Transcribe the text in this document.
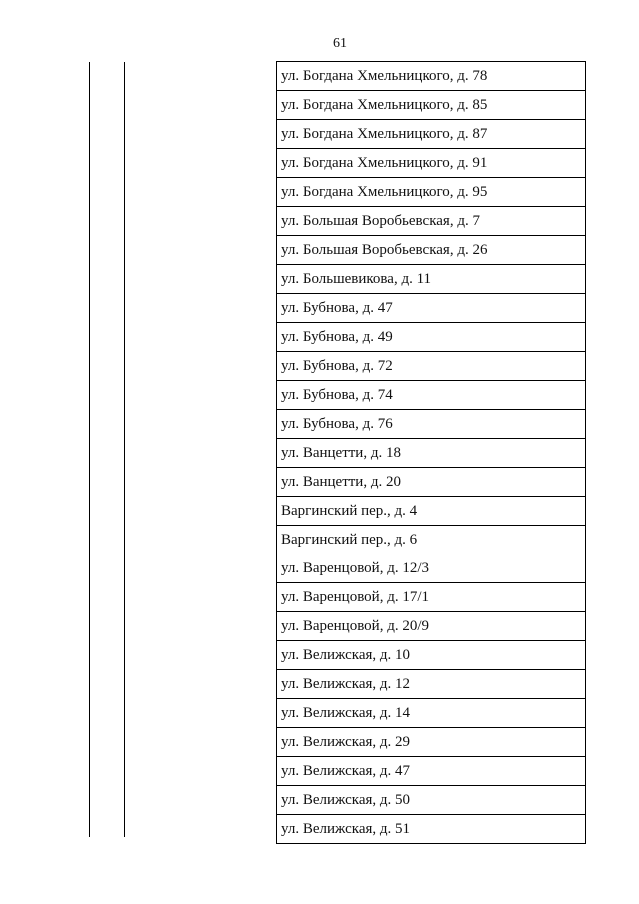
61
ул. Богдана Хмельницкого, д. 78
ул. Богдана Хмельницкого, д. 85
ул. Богдана Хмельницкого, д. 87
ул. Богдана Хмельницкого, д. 91
ул. Богдана Хмельницкого, д. 95
ул. Большая Воробьевская, д. 7
ул. Большая Воробьевская, д. 26
ул. Большевикова, д. 11
ул. Бубнова, д. 47
ул. Бубнова, д. 49
ул. Бубнова, д. 72
ул. Бубнова, д. 74
ул. Бубнова, д. 76
ул. Ванцетти, д. 18
ул. Ванцетти, д. 20
Варгинский пер., д. 4
Варгинский пер., д. 6
ул. Варенцовой, д. 12/3
ул. Варенцовой, д. 17/1
ул. Варенцовой, д. 20/9
ул. Велижская, д. 10
ул. Велижская, д. 12
ул. Велижская, д. 14
ул. Велижская, д. 29
ул. Велижская, д. 47
ул. Велижская, д. 50
ул. Велижская, д. 51
